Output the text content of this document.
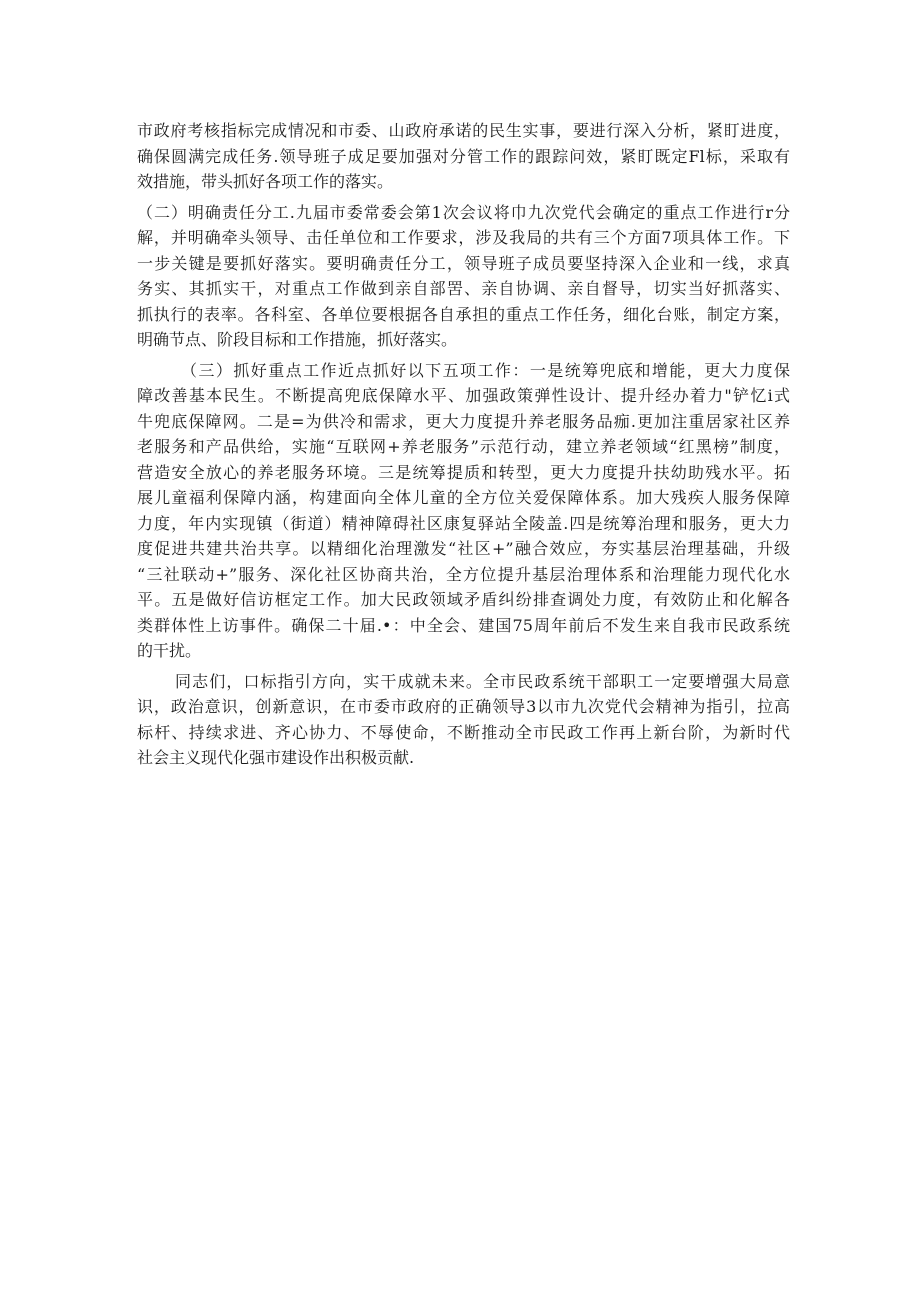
市政府考核指标完成情况和市委、山政府承诺的民生实事，要进行深入分析，紧盯进度，
确保圆满完成任务.领导班子成足要加强对分管工作的跟踪问效，紧盯既定Fl标，采取有
效措施，带头抓好各项工作的落实。
（二）明确责任分工.九届市委常委会第1次会议将巾九次党代会确定的重点工作进行r分
解，并明确牵头领导、击任单位和工作要求，涉及我局的共有三个方面7项具体工作。下
一步关键是要抓好落实。要明确责任分工，领导班子成员要坚持深入企业和一线，求真
务实、其抓实干，对重点工作做到亲自部罟、亲自协调、亲自督导，切实当好抓落实、
抓执行的表率。各科室、各单位要根据各自承担的重点工作任务，细化台账，制定方案，
明确节点、阶段目标和工作措施，抓好落实。
（三）抓好重点工作近点抓好以下五项工作：一是统筹兜底和增能，更大力度保
障改善基本民生。不断提高兜底保障水平、加强政策弹性设计、提升经办着力"铲忆i式
牛兜底保障网。二是=为供冷和需求，更大力度提升养老服务品痂.更加注重居家社区养
老服务和产品供给，实施“互联网+养老服务”示范行动，建立养老领域“红黑榜”制度，
营造安全放心的养老服务环境。三是统筹提质和转型，更大力度提升扶幼助残水平。拓
展儿童福利保障内涵，构建面向全体儿童的全方位关爱保障体系。加大残疾人服务保障
力度，年内实现镇（街道）精神障碍社区康复驿站全陵盖.四是统筹治理和服务，更大力
度促进共建共治共享。以精细化治理激发“社区+”融合效应，夯实基层治理基础，升级
“三社联动+”服务、深化社区协商共治，全方位提升基层治理体系和治理能力现代化水
平。五是做好信访框定工作。加大民政领域矛盾纠纷排查调处力度，有效防止和化解各
类群体性上访事件。确保二十届.•：中全会、建国75周年前后不发生来自我市民政系统
的干扰。
同志们，口标指引方向，实干成就未来。全市民政系统干部职工一定要增强大局意
识，政治意识，创新意识，在市委市政府的正确领导3以市九次党代会精神为指引，拉高
标杆、持续求进、齐心协力、不辱使命，不断推动全市民政工作再上新台阶，为新时代
社会主义现代化强市建设作出积极贡献.
